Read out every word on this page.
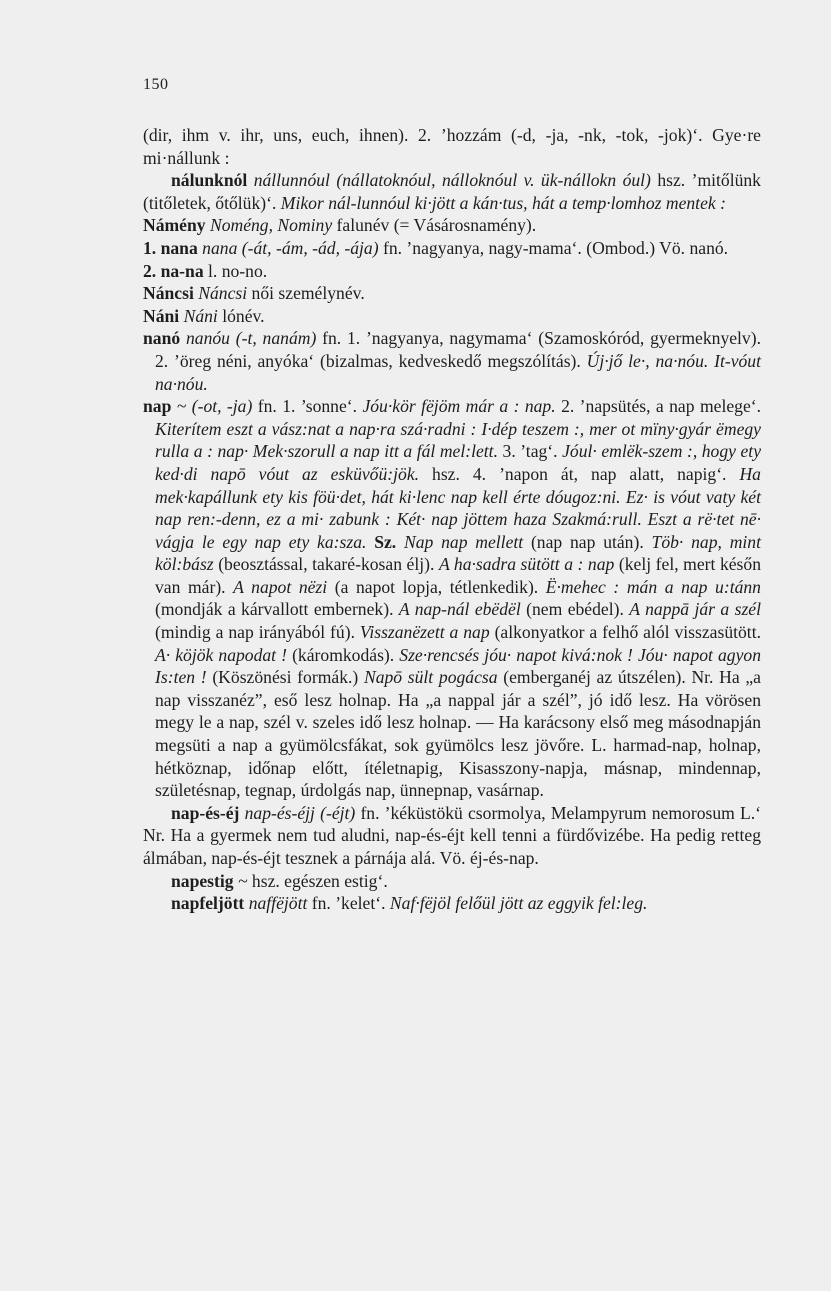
150

(dir, ihm v. ihr, uns, euch, ihnen). 2. ’hozzám (-d, -ja, -nk, -tok, -jok)‘. Gye·re mi·nállunk :

nálunknól nállunnóul (nállatoknóul, nálloknóul v. ük-nállokn óul) hsz. ’mitőlünk (titőletek, őtőlük)‘. Mikor nál-lunnóul ki·jött a kán·tus, hát a temp·lomhoz mentek :

Námény Noméng, Nominy falunév (= Vásárosnamény).

1. nana nana (-át, -ám, -ád, -ája) fn. ’nagyanya, nagy-mama‘. (Ombod.) Vö. nanó.

2. na-na l. no-no.

Náncsi Náncsi női személynév.

Náni Náni lónév.

nanó nanóu (-t, nanám) fn. 1. ’nagyanya, nagymama‘ (Szamoskóród, gyermeknyelv). 2. ’öreg néni, anyóka‘ (bizalmas, kedveskedő megszólítás). Új·jő le·, na·nóu. It-vóut na·nóu.

nap ~ (-ot, -ja) fn. 1. ’sonne‘. Jóu·kör fëjöm már a : nap. 2. ’napsütés, a nap melege‘. Kiterítem eszt a vász:nat a nap·ra szá·radni : I·dép teszem :, mer ot mïny·gyár ëmegy rulla a : nap· Mek·szorull a nap itt a fál mel:lett. 3. ’tag‘. Jóul· emlëk-szem :, hogy ety ked·di napō vóut az esküvőü:jök. hsz. 4. ’napon át, nap alatt, napig‘. Ha mek·kapállunk ety kis föü·det, hát ki·lenc nap kell érte dóugoz:ni. Ez· is vóut vaty két nap ren:-denn, ez a mi· zabunk : Két· nap jöttem haza Szakmá:rull. Eszt a rë·tet nē· vágja le egy nap ety ka:sza. Sz. Nap nap mellett (nap nap után). Töb· nap, mint köl:bász (beosztással, takaré-kosan élj). A ha·sadra sütött a : nap (kelj fel, mert későn van már). A napot nëzi (a napot lopja, tétlenkedik). Ë·mehec : mán a nap u:tánn (mondják a kárvallott embernek). A nap-nál ebëdël (nem ebédel). A nappā jár a szél (mindig a nap irányából fú). Visszanëzett a nap (alkonyatkor a felhő alól visszasütött. A· köjök napodat ! (káromkodás). Sze·rencsés jóu· napot kivá:nok ! Jóu· napot agyon Is:ten ! (Köszönési formák.) Napō sült pogácsa (emberganéj az útszélen). Nr. Ha „a nap visszanéz”, eső lesz holnap. Ha „a nappal jár a szél”, jó idő lesz. Ha vörösen megy le a nap, szél v. szeles idő lesz holnap. — Ha karácsony első meg másodnapján megsüti a nap a gyümölcsfákat, sok gyümölcs lesz jövőre. L. harmad-nap, holnap, hétköznap, időnap előtt, ítéletnapig, Kisasszony-napja, másnap, mindennap, születésnap, tegnap, úrdolgás nap, ünnepnap, vasárnap.

nap-és-éj nap-és-éjj (-éjt) fn. ’kéküstökü csormolya, Melampyrum nemorosum L.‘ Nr. Ha a gyermek nem tud aludni, nap-és-éjt kell tenni a fürdővizébe. Ha pedig retteg álmában, nap-és-éjt tesznek a párnája alá. Vö. éj-és-nap.

napestig ~ hsz. egészen estig‘.

napfeljött naffëjött fn. ’kelet‘. Naf·fëjöl felőül jött az eggyik fel:leg.
